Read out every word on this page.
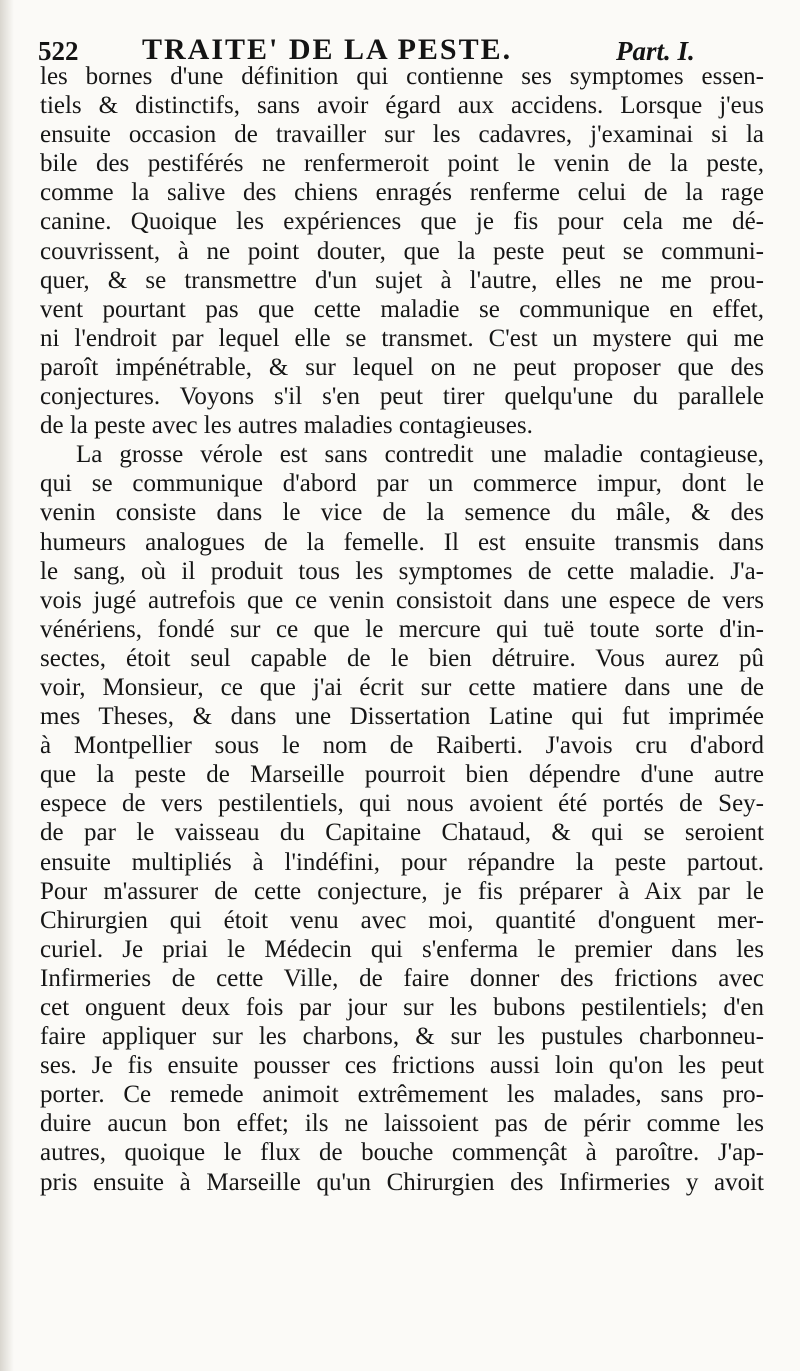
522 TRAITE' DE LA PESTE.	Part. I.
les bornes d'une définition qui contienne ses symptomes essen-
tiels & distinctifs, sans avoir égard aux accidens. Lorsque j'eus
ensuite occasion de travailler sur les cadavres, j'examinai si la
bile des pestiférés ne renfermeroit point le venin de la peste,
comme la salive des chiens enragés renferme celui de la rage
canine. Quoique les expériences que je fis pour cela me dé-
couvrissent, à ne point douter, que la peste peut se communi-
quer, & se transmettre d'un sujet à l'autre, elles ne me prou-
vent pourtant pas que cette maladie se communique en effet,
ni l'endroit par lequel elle se transmet. C'est un mystere qui me
paroît impénétrable, & sur lequel on ne peut proposer que des
conjectures. Voyons s'il s'en peut tirer quelqu'une du parallele
de la peste avec les autres maladies contagieuses.
La grosse vérole est sans contredit une maladie contagieuse,
qui se communique d'abord par un commerce impur, dont le
venin consiste dans le vice de la semence du mâle, & des
humeurs analogues de la femelle. Il est ensuite transmis dans
le sang, où il produit tous les symptomes de cette maladie. J'a-
vois jugé autrefois que ce venin consistoit dans une espece de vers
vénériens, fondé sur ce que le mercure qui tuë toute sorte d'in-
sectes, étoit seul capable de le bien détruire. Vous aurez pû
voir, Monsieur, ce que j'ai écrit sur cette matiere dans une de
mes Theses, & dans une Dissertation Latine qui fut imprimée
à Montpellier sous le nom de Raiberti. J'avois cru d'abord
que la peste de Marseille pourroit bien dépendre d'une autre
espece de vers pestilentiels, qui nous avoient été portés de Sey-
de par le vaisseau du Capitaine Chataud, & qui se seroient
ensuite multipliés à l'indéfini, pour répandre la peste partout.
Pour m'assurer de cette conjecture, je fis préparer à Aix par le
Chirurgien qui étoit venu avec moi, quantité d'onguent mer-
curiel. Je priai le Médecin qui s'enferma le premier dans les
Infirmeries de cette Ville, de faire donner des frictions avec
cet onguent deux fois par jour sur les bubons pestilentiels; d'en
faire appliquer sur les charbons, & sur les pustules charbonneu-
ses. Je fis ensuite pousser ces frictions aussi loin qu'on les peut
porter. Ce remede animoit extrêmement les malades, sans pro-
duire aucun bon effet; ils ne laissoient pas de périr comme les
autres, quoique le flux de bouche commençât à paroître. J'ap-
pris ensuite à Marseille qu'un Chirurgien des Infirmeries y avoit
